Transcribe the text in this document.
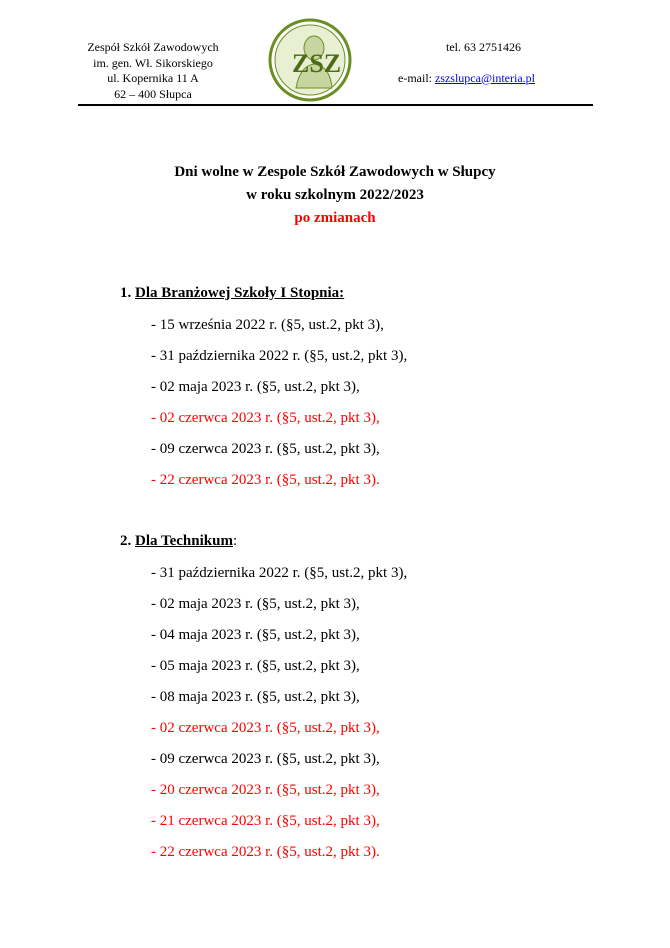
Zespół Szkół Zawodowych
im. gen. Wł. Sikorskiego
ul. Kopernika 11 A
62 – 400 Słupca
ZSZ
tel. 63 2751426
e-mail: zszslupca@interia.pl
Dni wolne w Zespole Szkół Zawodowych w Słupcy
w roku szkolnym 2022/2023
po zmianach
1. Dla Branżowej Szkoły I Stopnia:
- 15 września 2022 r. (§5, ust.2, pkt 3),
- 31 października 2022 r. (§5, ust.2, pkt 3),
- 02 maja 2023 r. (§5, ust.2, pkt 3),
- 02 czerwca 2023 r. (§5, ust.2, pkt 3),
- 09 czerwca 2023 r. (§5, ust.2, pkt 3),
- 22 czerwca 2023 r. (§5, ust.2, pkt 3).
2. Dla Technikum:
- 31 października 2022 r. (§5, ust.2, pkt 3),
- 02 maja 2023 r. (§5, ust.2, pkt 3),
- 04 maja 2023 r. (§5, ust.2, pkt 3),
- 05 maja 2023 r. (§5, ust.2, pkt 3),
- 08 maja 2023 r. (§5, ust.2, pkt 3),
- 02 czerwca 2023 r. (§5, ust.2, pkt 3),
- 09 czerwca 2023 r. (§5, ust.2, pkt 3),
- 20 czerwca 2023 r. (§5, ust.2, pkt 3),
- 21 czerwca 2023 r. (§5, ust.2, pkt 3),
- 22 czerwca 2023 r. (§5, ust.2, pkt 3).
